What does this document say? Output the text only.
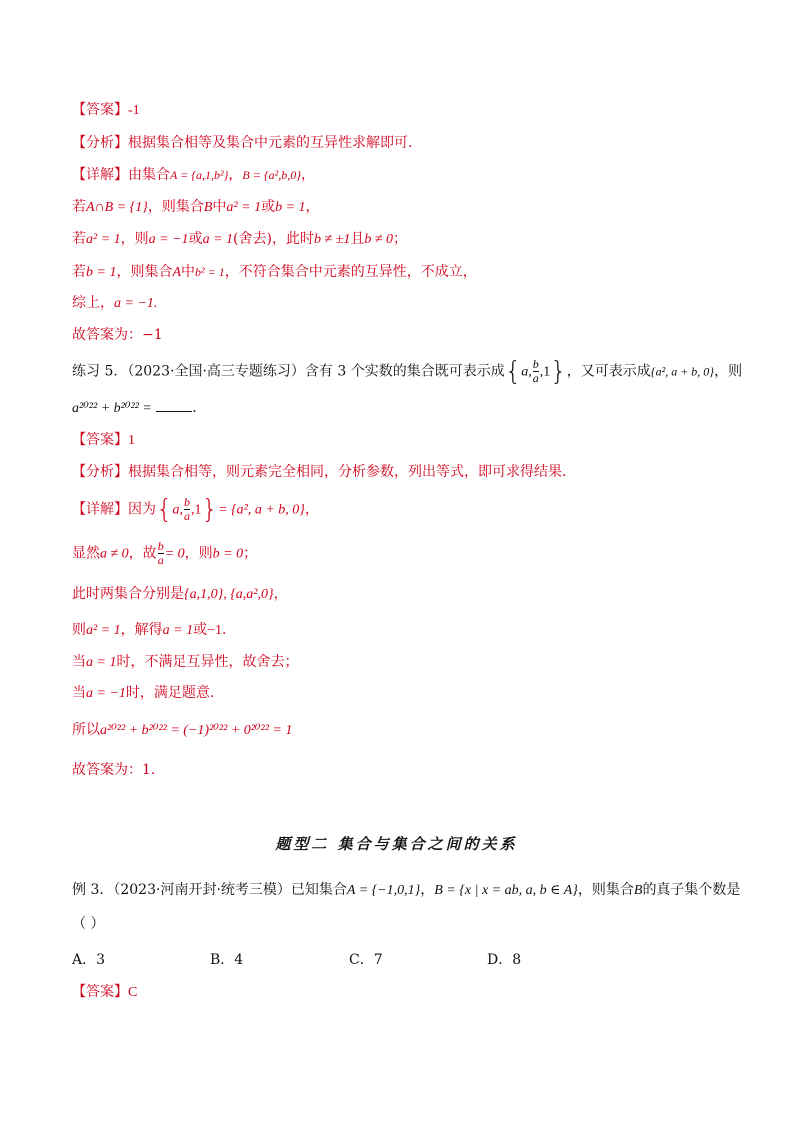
【答案】-1
【分析】根据集合相等及集合中元素的互异性求解即可.
【详解】由集合A = {a,1,b²}，B = {a²,b,0}，
若A∩B = {1}，则集合B中a² = 1或b = 1，
若a² = 1，则a = −1或a = 1(舍去)，此时b ≠ ±1且b ≠ 0；
若b = 1，则集合A中b² = 1，不符合集合中元素的互异性，不成立，
综上，a = −1.
故答案为：−1
练习 5．（2023·全国·高三专题练习）含有 3 个实数的集合既可表示成{a, $\frac{b}{a} ,1$}，又可表示成{a², a + b, 0}，则
a²⁰²² + b²⁰²² =	．
【答案】1
【分析】根据集合相等，则元素完全相同，分析参数，列出等式，即可求得结果.
【详解】因为{a, $\frac{b}{a} ,1\}= \{a^2$, a + b, 0}，
显然a ≠ 0，故 $\frac{b}{a} = 0$，则b = 0；
此时两集合分别是{a,1,0}, {a,a²,0}，
则a² = 1，解得a = 1或−1.
当a = 1时，不满足互异性，故舍去；
当a = −1时，满足题意.
所以a²⁰²² + b²⁰²² = (−1)²⁰²² + 0²⁰²² = 1
故答案为：1.
题型二 集合与集合之间的关系
例 3．（2023·河南开封·统考三模）已知集合A = {−1,0,1}，B = {x | x = ab, a, b ∈ A}，则集合B的真子集个数是
（ ）
A．3	B．4	C．7	D．8
【答案】C
